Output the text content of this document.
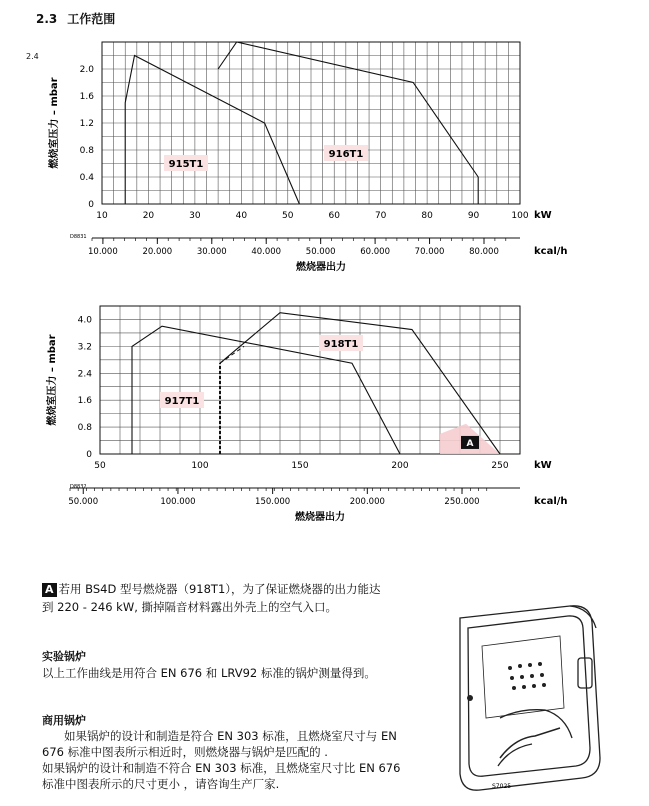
2.3 工作范围
2.4
915T1
916T1
0
0.4
0.8
1.2
1.6
2.0
10	20	30	40	50	60	70	80	90	100 kW
燃烧室压力 – mbar
D8831
10.000	20.000	30.000	40.000	50.000	60.000	70.000	80.000	kcal/h
燃烧器出力
A
917T1
918T1
0
0.8
1.6
2.4
3.2
4.0
50	100	150	200	250	kW
燃烧室压力 – mbar
D8832
50.000	100.000	150.000	200.000	250.000	kcal/h
燃烧器出力
A 若用 BS4D 型号燃烧器（918T1），为了保证燃烧器的出力能达
到 220 - 246 kW, 撕掉隔音材料露出外壳上的空气入口。
实验锅炉
以上工作曲线是用符合 EN 676 和 LRV92 标准的锅炉测量得到。
商用锅炉
如果锅炉的设计和制造是符合 EN 303 标准，且燃烧室尺寸与 EN
676 标准中图表所示相近时，则燃烧器与锅炉是匹配的 .
如果锅炉的设计和制造不符合 EN 303 标准，且燃烧室尺寸比 EN 676
标准中图表所示的尺寸更小 ，请咨询生产厂家.	S7025
